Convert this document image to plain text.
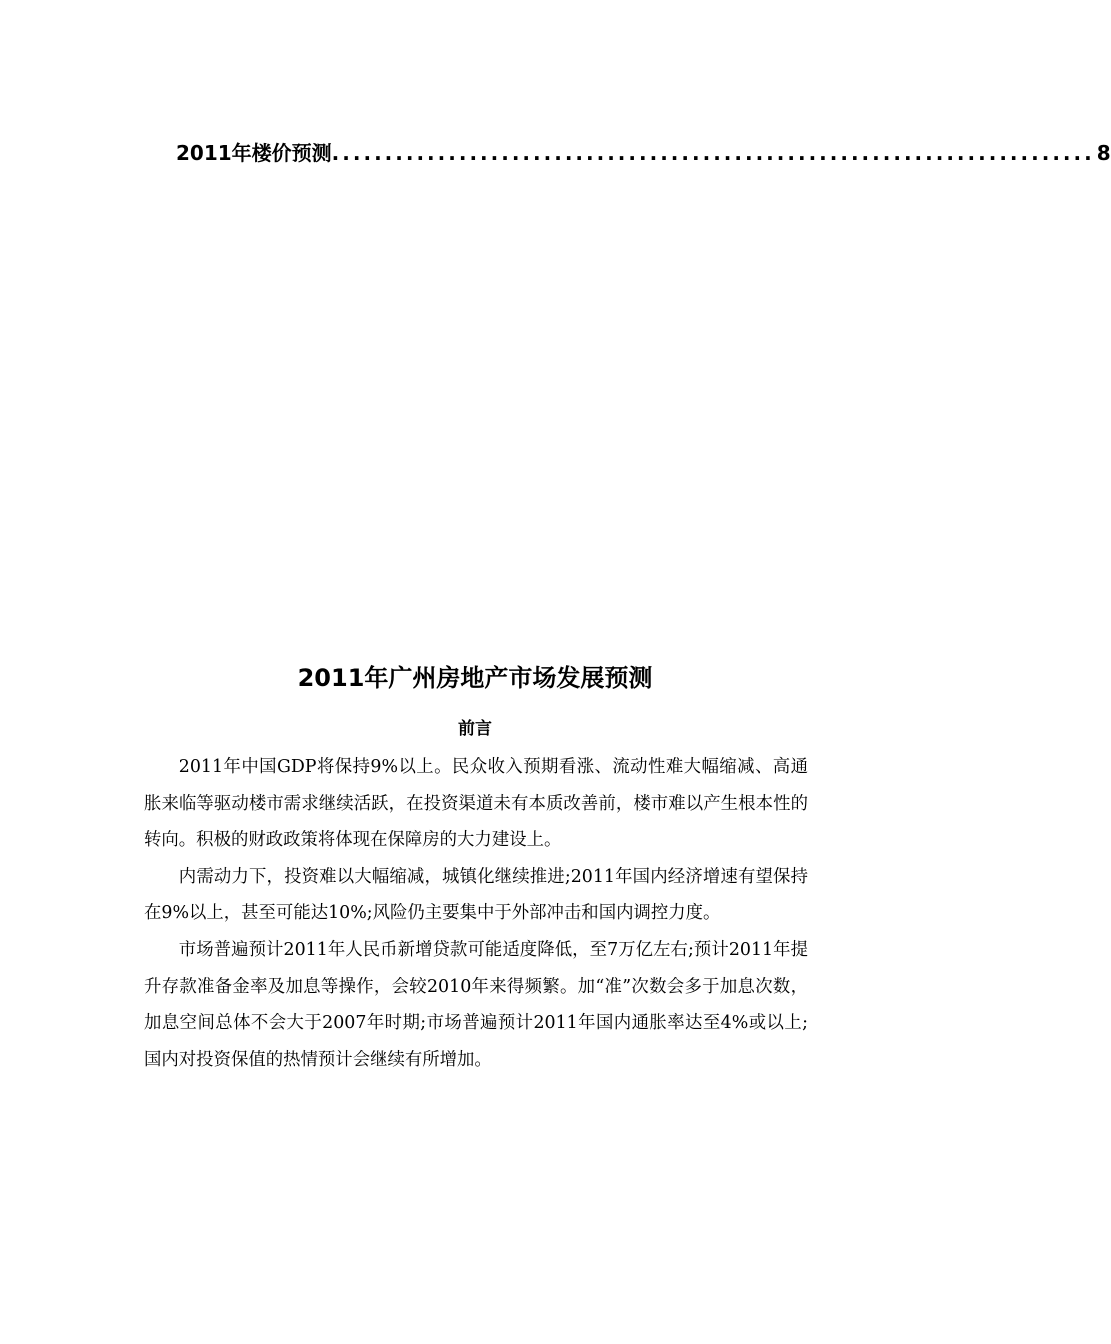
2011年楼价预测 ........................................................................ 8
2011年广州房地产市场发展预测
前言

2011年中国GDP将保持9%以上。民众收入预期看涨、流动性难大幅缩减、高通胀来临等驱动楼市需求继续活跃，在投资渠道未有本质改善前，楼市难以产生根本性的转向。积极的财政政策将体现在保障房的大力建设上。

内需动力下，投资难以大幅缩减，城镇化继续推进;2011年国内经济增速有望保持在9%以上，甚至可能达10%;风险仍主要集中于外部冲击和国内调控力度。

市场普遍预计2011年人民币新增贷款可能适度降低，至7万亿左右;预计2011年提升存款准备金率及加息等操作，会较2010年来得频繁。加“准”次数会多于加息次数，加息空间总体不会大于2007年时期;市场普遍预计2011年国内通胀率达至4%或以上;国内对投资保值的热情预计会继续有所增加。
